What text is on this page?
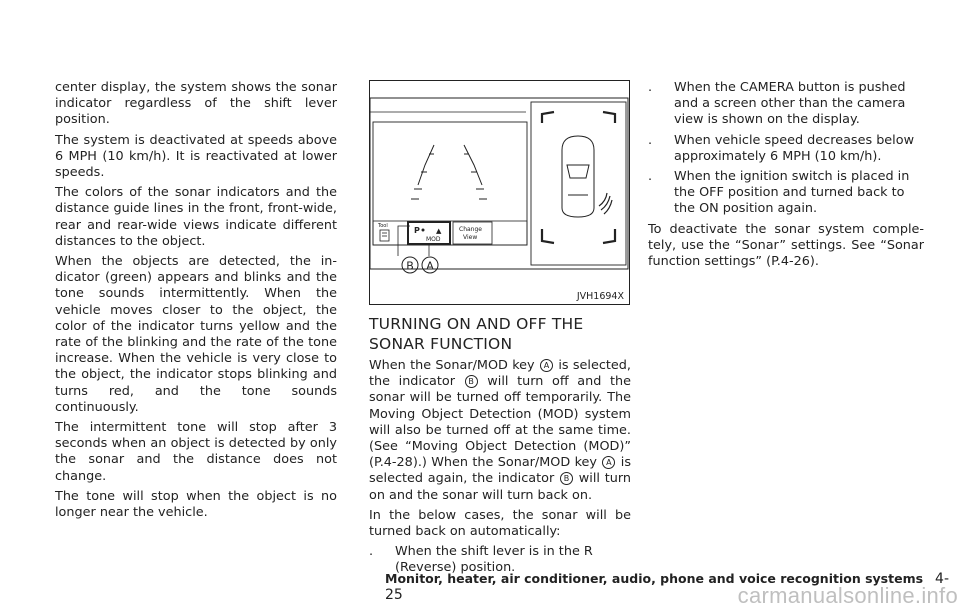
center display, the system shows the sonar indicator regardless of the shift lever position.

The system is deactivated at speeds above 6 MPH (10 km/h). It is reactivated at lower speeds.

The colors of the sonar indicators and the distance guide lines in the front, front-wide, rear and rear-wide views indicate different distances to the object.

When the objects are detected, the in-dicator (green) appears and blinks and the tone sounds intermittently. When the vehicle moves closer to the object, the color of the indicator turns yellow and the rate of the blinking and the rate of the tone increase. When the vehicle is very close to the object, the indicator stops blinking and turns red, and the tone sounds continuously.

The intermittent tone will stop after 3 seconds when an object is detected by only the sonar and the distance does not change.

The tone will stop when the object is no longer near the vehicle.

Tool	P ▲
MOD
Change
View
B A
JVH1694X
TURNING ON AND OFF THE SONAR FUNCTION

When the Sonar/MOD key A is selected, the indicator B will turn off and the sonar will be turned off temporarily. The Moving Object Detection (MOD) system will also be turned off at the same time. (See “Moving Object Detection (MOD)” (P.4-28).) When the Sonar/MOD key A is selected again, the indicator B will turn on and the sonar will turn back on.

In the below cases, the sonar will be turned back on automatically:

.	When the shift lever is in the R (Reverse) position.
.	When the CAMERA button is pushed and a screen other than the camera view is shown on the display.
.	When vehicle speed decreases below approximately 6 MPH (10 km/h).
.	When the ignition switch is placed in the OFF position and turned back to the ON position again.

To deactivate the sonar system comple-tely, use the “Sonar” settings. See “Sonar function settings” (P.4-26).

Monitor, heater, air conditioner, audio, phone and voice recognition systems 4-25	carmanualsonline.info
